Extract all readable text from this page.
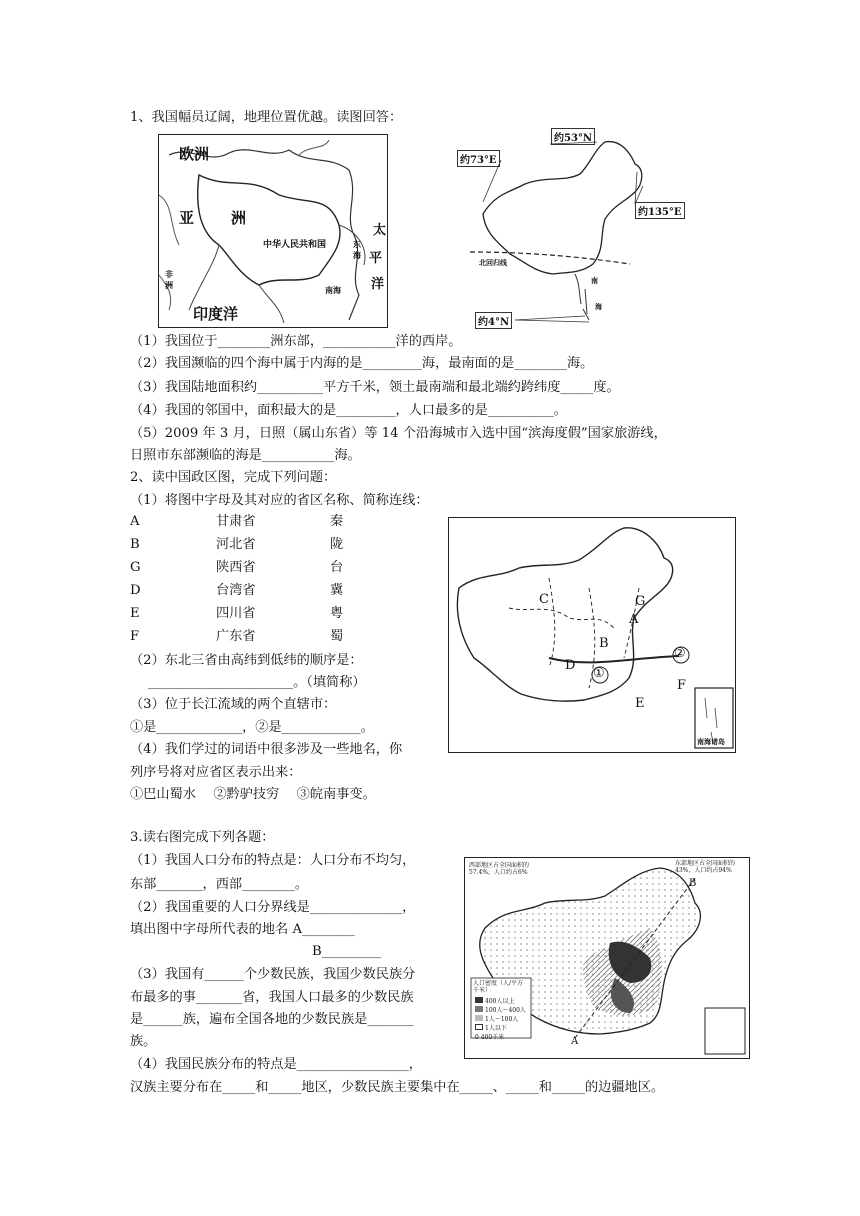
1、我国幅员辽阔，地理位置优越。读图回答：
欧洲
亚 洲
印度洋
中华人民共和国
太
平
洋
东海
南海
非洲
约53°N
约73°E
约135°E
约4°N
北回归线
南
海
（1）我国位于________洲东部，___________洋的西岸。
（2）我国濒临的四个海中属于内海的是_________海，最南面的是________海。
（3）我国陆地面积约__________平方千米，领土最南端和最北端约跨纬度_____度。
（4）我国的邻国中，面积最大的是_________，人口最多的是__________。
（5）2009 年 3 月，日照（属山东省）等 14 个沿海城市入选中国“滨海度假”国家旅游线，
日照市东部濒临的海是___________海。
2、读中国政区图，完成下列问题：
（1）将图中字母及其对应的省区名称、简称连线：
A	甘肃省	秦
B	河北省	陇
G	陕西省	台
D	台湾省	冀
E	四川省	粤
F	广东省	蜀
（2）东北三省由高纬到低纬的顺序是：
______________________。（填简称）
（3）位于长江流域的两个直辖市：
①是_____________，②是____________。
（4）我们学过的词语中很多涉及一些地名，你
列序号将对应省区表示出来：
①巴山蜀水　 ②黔驴技穷　 ③皖南事变。
C	G
A
B
D
E
F
①
②
南海诸岛
3.读右图完成下列各题：
（1）我国人口分布的特点是：人口分布不均匀，
东部_______，西部________。
（2）我国重要的人口分界线是______________，
填出图中字母所代表的地名 A________
B_________
（3）我国有______个少数民族，我国少数民族分
布最多的事_______省，我国人口最多的少数民族
是______族，遍布全国各地的少数民族是_______
族。
（4）我国民族分布的特点是_________________，
汉族主要分布在_____和_____地区，少数民族主要集中在_____、_____和_____的边疆地区。
B
A
西部地区占全国面积的57.4%，人口约占6%
东部地区占全国面积的43%，人口约占94%
人口密度（人/平方千米）
400人以上
100人～400人
1人～100人
1人以下
0 400千米
